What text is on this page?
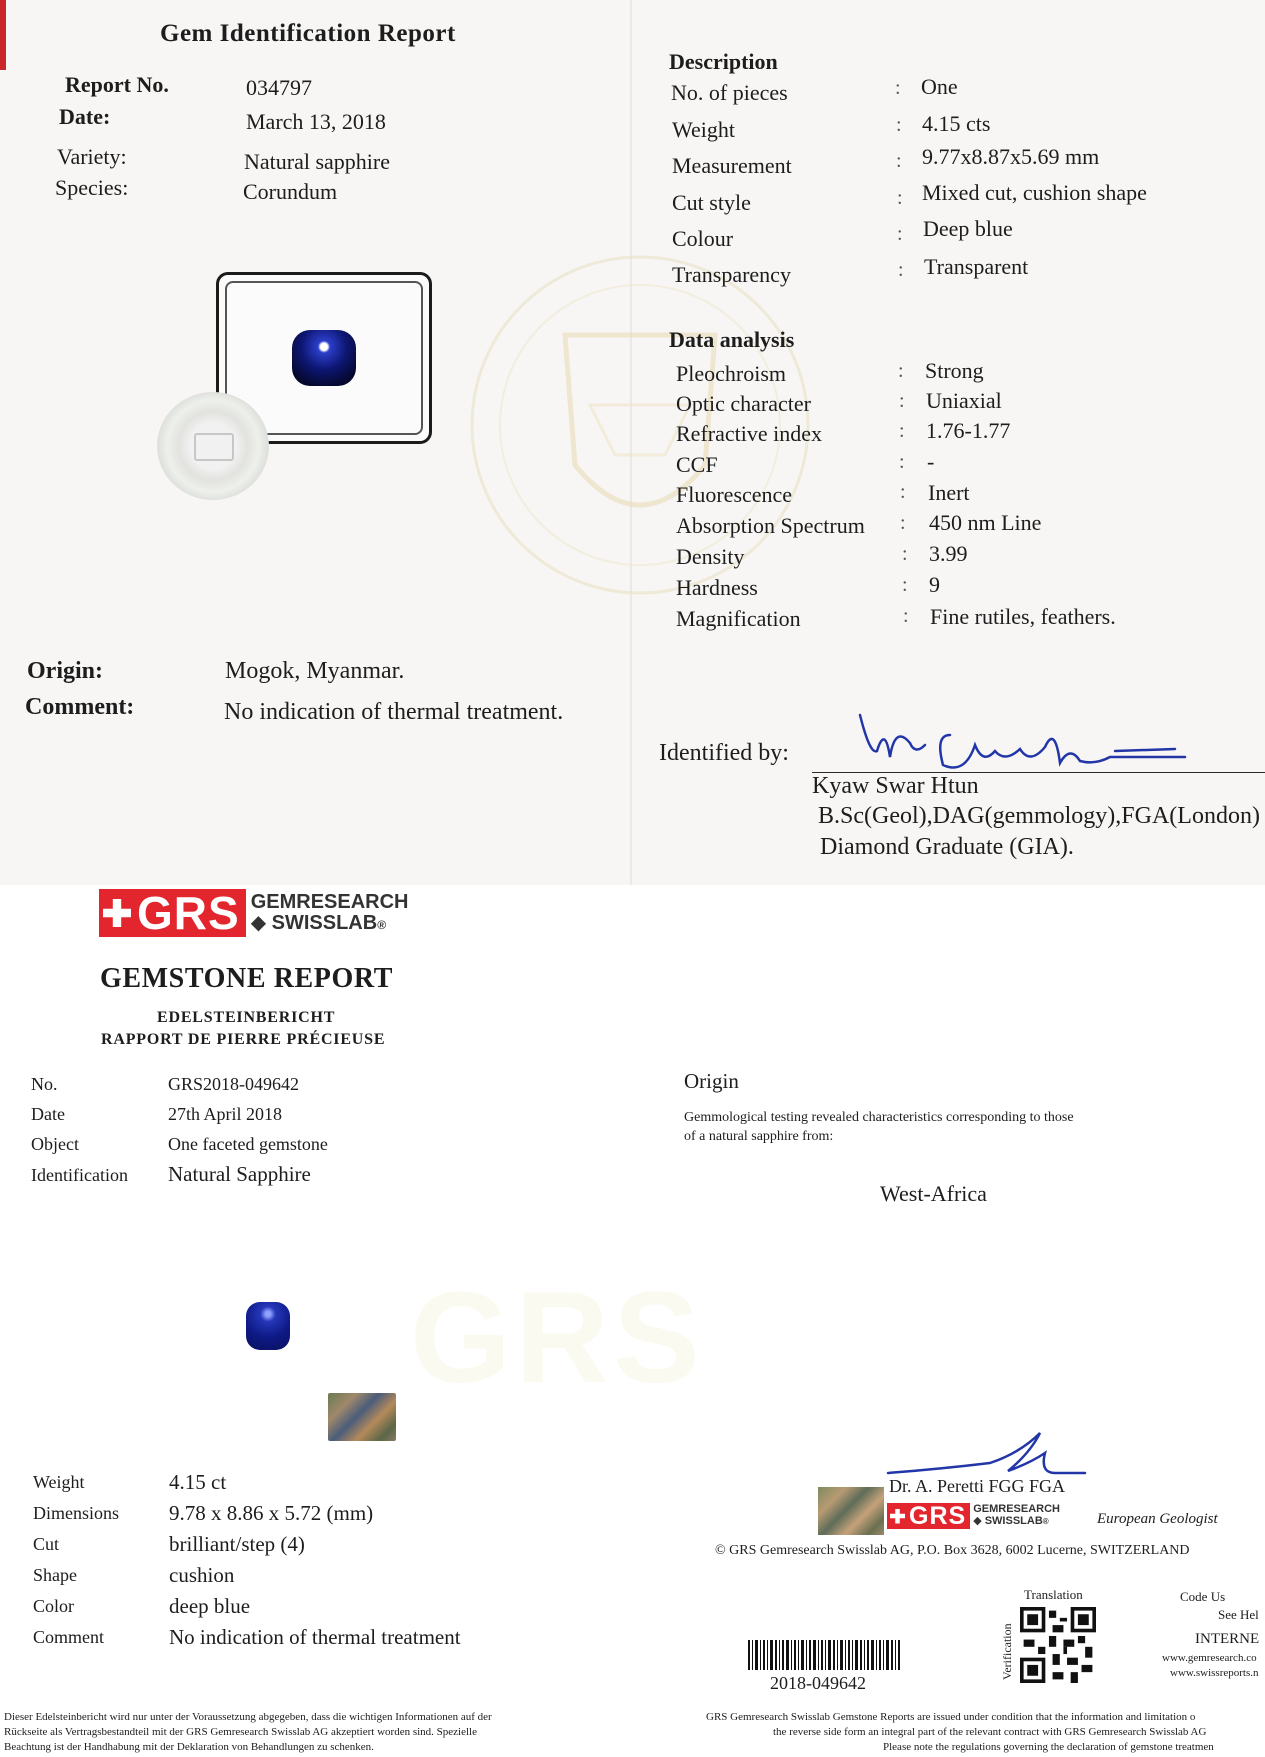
Gem Identification Report
Report No.	034797
Date:	March 13, 2018
Variety:	Natural sapphire
Species:	Corundum
Description
No. of pieces	: One
Weight	: 4.15 cts
Measurement	: 9.77x8.87x5.69 mm
Cut style	: Mixed cut, cushion shape
Colour	: Deep blue
Transparency	: Transparent
Data analysis
Pleochroism	: Strong
Optic character	: Uniaxial
Refractive index	: 1.76-1.77
CCF	: -
Fluorescence	: Inert
Absorption Spectrum : 450 nm Line
Density	: 3.99
Hardness	: 9
Magnification	: Fine rutiles, feathers.
Origin:	Mogok, Myanmar.
Comment:	No indication of thermal treatment.
Identified by:
Kyaw Swar Htun
B.Sc(Geol),DAG(gemmology),FGA(London)
Diamond Graduate (GIA).
GRS
GRS GEMRESEARCH
◆ SWISSLAB®
GEMSTONE REPORT
EDELSTEINBERICHT
RAPPORT DE PIERRE PRÉCIEUSE
No.	GRS2018-049642
Date	27th April 2018
Object	One faceted gemstone
Identification Natural Sapphire
Origin
Gemmological testing revealed characteristics corresponding to those
of a natural sapphire from:
West-Africa
Weight	4.15 ct
Dimensions 9.78 x 8.86 x 5.72 (mm)
Cut	brilliant/step (4)
Shape	cushion
Color	deep blue
Comment	No indication of thermal treatment
Dr. A. Peretti FGG FGA
GRS GEMRESEARCH
◆ SWISSLAB®	European Geologist
© GRS Gemresearch Swisslab AG, P.O. Box 3628, 6002 Lucerne, SWITZERLAND
Translation
Verification
2018-049642
Code Us
See Hel
INTERNE
www.gemresearch.co
www.swissreports.n
Dieser Edelsteinbericht wird nur unter der Voraussetzung abgegeben, dass die wichtigen Informationen auf der
Rückseite als Vertragsbestandteil mit der GRS Gemresearch Swisslab AG akzeptiert worden sind. Spezielle
Beachtung ist der Handhabung mit der Deklaration von Behandlungen zu schenken.
GRS Gemresearch Swisslab Gemstone Reports are issued under condition that the information and limitation o
the reverse side form an integral part of the relevant contract with GRS Gemresearch Swisslab AG
Please note the regulations governing the declaration of gemstone treatmen
